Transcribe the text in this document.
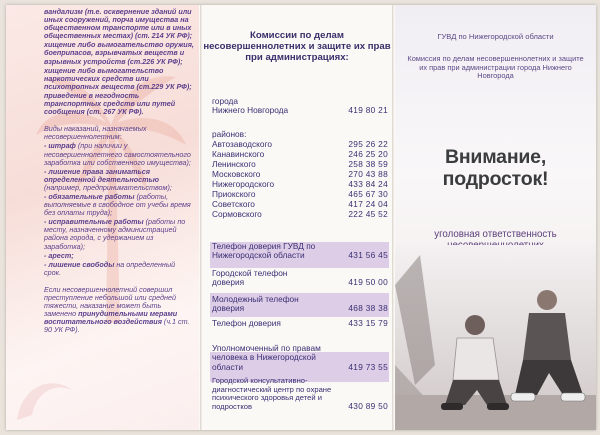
вандализм (т.е. осквернение зданий или иных сооружений, порча имущества на общественном транспорте или в иных общественных местах) (ст. 214 УК РФ);

хищение либо вымогательство оружия, боеприпасов, взрывчатых веществ и взрывных устройств (ст.226 УК РФ);

хищение либо вымогательство наркотических средств или психотропных веществ (ст.229 УК РФ);

приведение в негодность транспортных средств или путей сообщения (ст. 267 УК РФ).

Виды наказаний, назначаемых несовершеннолетним:

- штраф (при наличии у несовершеннолетнего самостоятельного заработка или собственного имущества);

- лишение права заниматься определенной деятельностью (например, предпринимательством);

- обязательные работы (работы, выполняемые в свободное от учебы время без оплаты труда);

- исправительные работы (работы по месту, назначенному администрацией района города, с удержанием из заработка);

- арест;

- лишение свободы на определенный срок.

Если несовершеннолетний совершил преступление небольшой или средней тяжести, наказание может быть заменено принудительными мерами воспитательного воздействия (ч.1 ст. 90 УК РФ).

Комиссии по делам несовершеннолетних и защите их прав при администрациях:
города
Нижнего Новгорода	419 80 21
районов:
Автозаводского	295 26 22
Канавинского	246 25 20
Ленинского	258 38 59
Московского	270 43 88
Нижегородского	433 84 24
Приокского	465 67 30
Советского	417 24 04
Сормовского	222 45 52
Телефон доверия ГУВД по
Нижегородской области	431 56 45
Городской телефон
доверия	419 50 00
Молодежный телефон
доверия	468 38 38
Телефон доверия	433 15 79
Уполномоченный по правам
человека в Нижегородской
области	419 73 55
Городской консультативно-диагностический центр по охране психического здоровья детей и
подростков	430 89 50
ГУВД по Нижегородской области
Комиссия по делам несовершеннолетних и защите их прав при администрации города Нижнего Новгорода
Внимание, подросток!
уголовная ответственность
